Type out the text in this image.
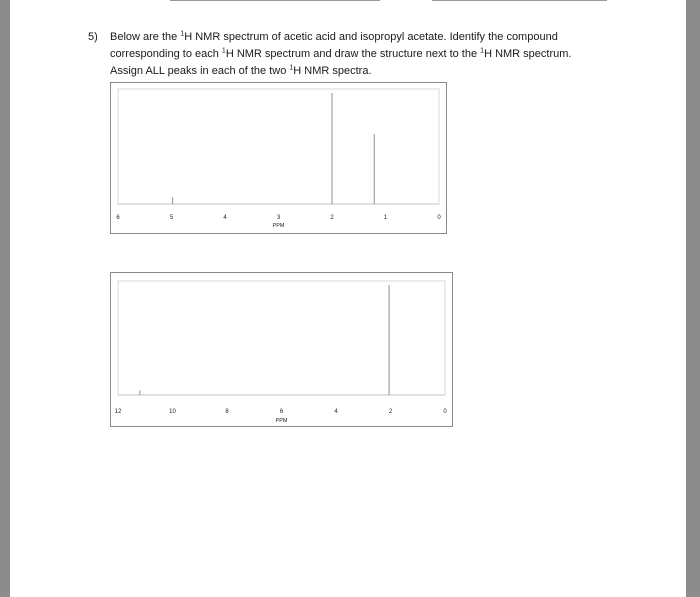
5) Below are the $^1$H NMR spectrum of acetic acid and isopropyl acetate. Identify the compound
corresponding to each $^1$H NMR spectrum and draw the structure next to the $^1$H NMR spectrum.
Assign ALL peaks in each of the two $^1$H NMR spectra.
6	5	4	3	2	1	0
PPM
12	10	8	6	4	2	0
PPM
